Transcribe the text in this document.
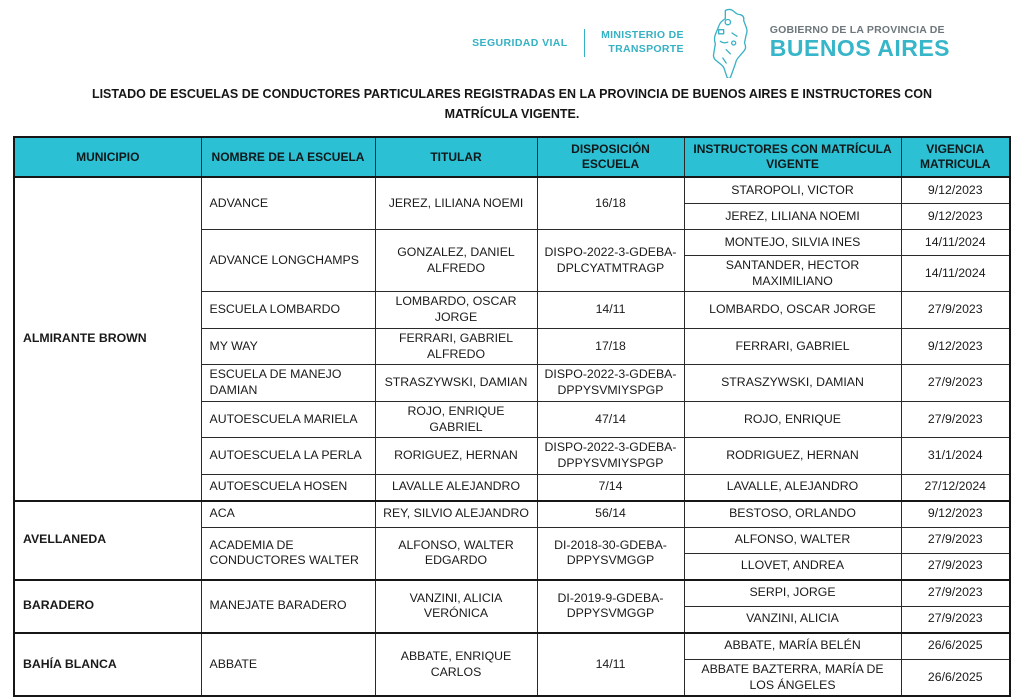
SEGURIDAD VIAL
MINISTERIO DE
TRANSPORTE
GOBIERNO DE LA PROVINCIA DE
BUENOS AIRES
LISTADO DE ESCUELAS DE CONDUCTORES PARTICULARES REGISTRADAS EN LA PROVINCIA DE BUENOS AIRES E INSTRUCTORES CON MATRÍCULA VIGENTE.
MUNICIPIO	NOMBRE DE LA ESCUELA	TITULAR	DISPOSICIÓN ESCUELA	INSTRUCTORES CON MATRÍCULA VIGENTE	VIGENCIA MATRICULA
ALMIRANTE BROWN	ADVANCE	JEREZ, LILIANA NOEMI	16/18	STAROPOLI, VICTOR	9/12/2023
				JEREZ, LILIANA NOEMI	9/12/2023
	ADVANCE LONGCHAMPS	GONZALEZ, DANIEL ALFREDO	DISPO-2022-3-GDEBA-DPLCYATMTRAGP	MONTEJO, SILVIA INES	14/11/2024
				SANTANDER, HECTOR MAXIMILIANO	14/11/2024
	ESCUELA LOMBARDO	LOMBARDO, OSCAR JORGE	14/11	LOMBARDO, OSCAR JORGE	27/9/2023
	MY WAY	FERRARI, GABRIEL ALFREDO	17/18	FERRARI, GABRIEL	9/12/2023
	ESCUELA DE MANEJO DAMIAN	STRASZYWSKI, DAMIAN	DISPO-2022-3-GDEBA-DPPYSVMIYSPGP	STRASZYWSKI, DAMIAN	27/9/2023
	AUTOESCUELA MARIELA	ROJO, ENRIQUE GABRIEL	47/14	ROJO, ENRIQUE	27/9/2023
	AUTOESCUELA LA PERLA	RORIGUEZ, HERNAN	DISPO-2022-3-GDEBA-DPPYSVMIYSPGP	RODRIGUEZ, HERNAN	31/1/2024
	AUTOESCUELA HOSEN	LAVALLE ALEJANDRO	7/14	LAVALLE, ALEJANDRO	27/12/2024
AVELLANEDA	ACA	REY, SILVIO ALEJANDRO	56/14	BESTOSO, ORLANDO	9/12/2023
	ACADEMIA DE CONDUCTORES WALTER	ALFONSO, WALTER EDGARDO	DI-2018-30-GDEBA-DPPYSVMGGP	ALFONSO, WALTER	27/9/2023
				LLOVET, ANDREA	27/9/2023
BARADERO	MANEJATE BARADERO	VANZINI, ALICIA VERÓNICA	DI-2019-9-GDEBA-DPPYSVMGGP	SERPI, JORGE	27/9/2023
				VANZINI, ALICIA	27/9/2023
BAHÍA BLANCA	ABBATE	ABBATE, ENRIQUE CARLOS	14/11	ABBATE, MARÍA BELÉN	26/6/2025
				ABBATE BAZTERRA, MARÍA DE LOS ÁNGELES	26/6/2025
